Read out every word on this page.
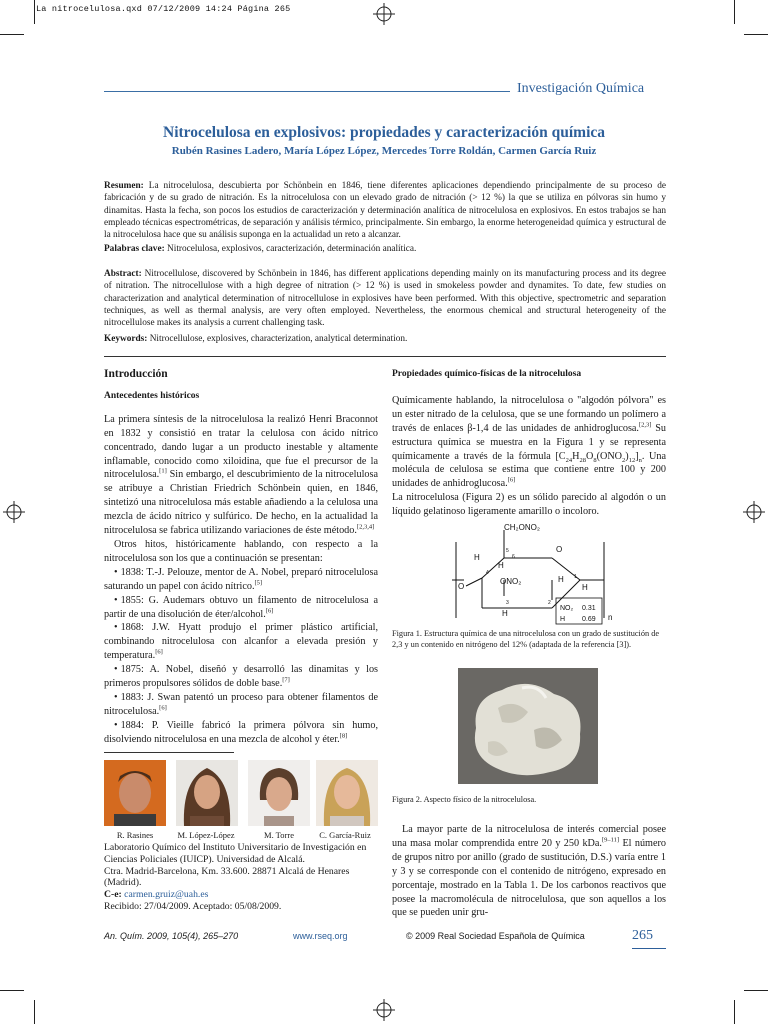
La nitrocelulosa.qxd 07/12/2009 14:24 Página 265
Investigación Química
Nitrocelulosa en explosivos: propiedades y caracterización química
Rubén Rasines Ladero, María López López, Mercedes Torre Roldán, Carmen García Ruiz
Resumen: La nitrocelulosa, descubierta por Schönbein en 1846, tiene diferentes aplicaciones dependiendo principalmente de su proceso de fabricación y de su grado de nitración. Es la nitrocelulosa con un elevado grado de nitración (> 12 %) la que se utiliza en pólvoras sin humo y dinamitas. Hasta la fecha, son pocos los estudios de caracterización y determinación analítica de nitrocelulosa en explosivos. En estos trabajos se han empleado técnicas espectrométricas, de separación y análisis térmico, principalmente. Sin embargo, la enorme heterogeneidad química y estructural de la nitrocelulosa hace que su análisis suponga en la actualidad un reto a alcanzar.
Palabras clave: Nitrocelulosa, explosivos, caracterización, determinación analítica.
Abstract: Nitrocellulose, discovered by Schönbein in 1846, has different applications depending mainly on its manufacturing process and its degree of nitration. The nitrocellulose with a high degree of nitration (> 12 %) is used in smokeless powder and dynamites. To date, few studies on characterization and analytical determination of nitrocellulose in explosives have been performed. With this objective, spectrometric and separation techniques, as well as thermal analysis, are very often employed. Nevertheless, the enormous chemical and structural heterogeneity of the nitrocellulose makes its analysis a current challenging task.
Keywords: Nitrocellulose, explosives, characterization, analytical determination.
Introducción
Antecedentes históricos

La primera síntesis de la nitrocelulosa la realizó Henri Braconnot en 1832 y consistió en tratar la celulosa con ácido nítrico concentrado, dando lugar a un producto inestable y altamente inflamable, conocido como xiloidina, que fue el precursor de la nitrocelulosa.[1] Sin embargo, el descubrimiento de la nitrocelulosa se atribuye a Christian Friedrich Schönbein quien, en 1846, sintetizó una nitrocelulosa más estable añadiendo a la celulosa una mezcla de ácido nítrico y sulfúrico. De hecho, en la actualidad la nitrocelulosa se fabrica utilizando variaciones de éste método.[2,3,4]

Otros hitos, históricamente hablando, con respecto a la nitrocelulosa son los que a continuación se presentan:

• 1838: T.-J. Pelouze, mentor de A. Nobel, preparó nitrocelulosa saturando un papel con ácido nítrico.[5]

• 1855: G. Audemars obtuvo un filamento de nitrocelulosa a partir de una disolución de éter/alcohol.[6]

• 1868: J.W. Hyatt produjo el primer plástico artificial, combinando nitrocelulosa con alcanfor a elevada presión y temperatura.[6]

• 1875: A. Nobel, diseñó y desarrolló las dinamitas y los primeros propulsores sólidos de doble base.[7]

• 1883: J. Swan patentó un proceso para obtener filamentos de nitrocelulosa.[6]

• 1884: P. Vieille fabricó la primera pólvora sin humo, disolviendo nitrocelulosa en una mezcla de alcohol y éter.[8]

R. Rasines	M. López-López	M. Torre	C. García-Ruiz
Laboratorio Químico del Instituto Universitario de Investigación en Ciencias Policiales (IUICP). Universidad de Alcalá.
Ctra. Madrid-Barcelona, Km. 33.600. 28871 Alcalá de Henares (Madrid).
C-e: carmen.gruiz@uah.es
Recibido: 27/04/2009. Aceptado: 05/08/2009.
Propiedades químico-físicas de la nitrocelulosa

Químicamente hablando, la nitrocelulosa o "algodón pólvora" es un ester nitrado de la celulosa, que se une formando un polímero a través de enlaces β-1,4 de las unidades de anhidroglucosa.[2,3] Su estructura química se muestra en la Figura 1 y se representa químicamente a través de la fórmula $[C_{24}H_{28}O_8(ONO_2)_{12}]_n$. Una molécula de celulosa se estima que contiene entre 100 y 200 unidades de anhidroglucosa.[6]

La nitrocelulosa (Figura 2) es un sólido parecido al algodón o un líquido gelatinoso ligeramente amarillo o incoloro.

O
CH₂ONO₂
O
ONO₂
H
H
H
H
H
6
5
4
3	2
1
NO₂ 0.31
H 0.69 n
Figura 1. Estructura química de una nitrocelulosa con un grado de sustitución de 2,3 y un contenido en nitrógeno del 12% (adaptada de la referencia [3]).
Figura 2. Aspecto físico de la nitrocelulosa.

La mayor parte de la nitrocelulosa de interés comercial posee una masa molar comprendida entre 20 y 250 kDa.[9–11] El número de grupos nitro por anillo (grado de sustitución, D.S.) varía entre 1 y 3 y se corresponde con el contenido de nitrógeno, expresado en porcentaje, mostrado en la Tabla 1. De los carbonos reactivos que posee la macromolécula de nitrocelulosa, que son aquellos a los que se pueden unir gru-

An. Quím. 2009, 105(4), 265–270	www.rseq.org	© 2009 Real Sociedad Española de Química	265
